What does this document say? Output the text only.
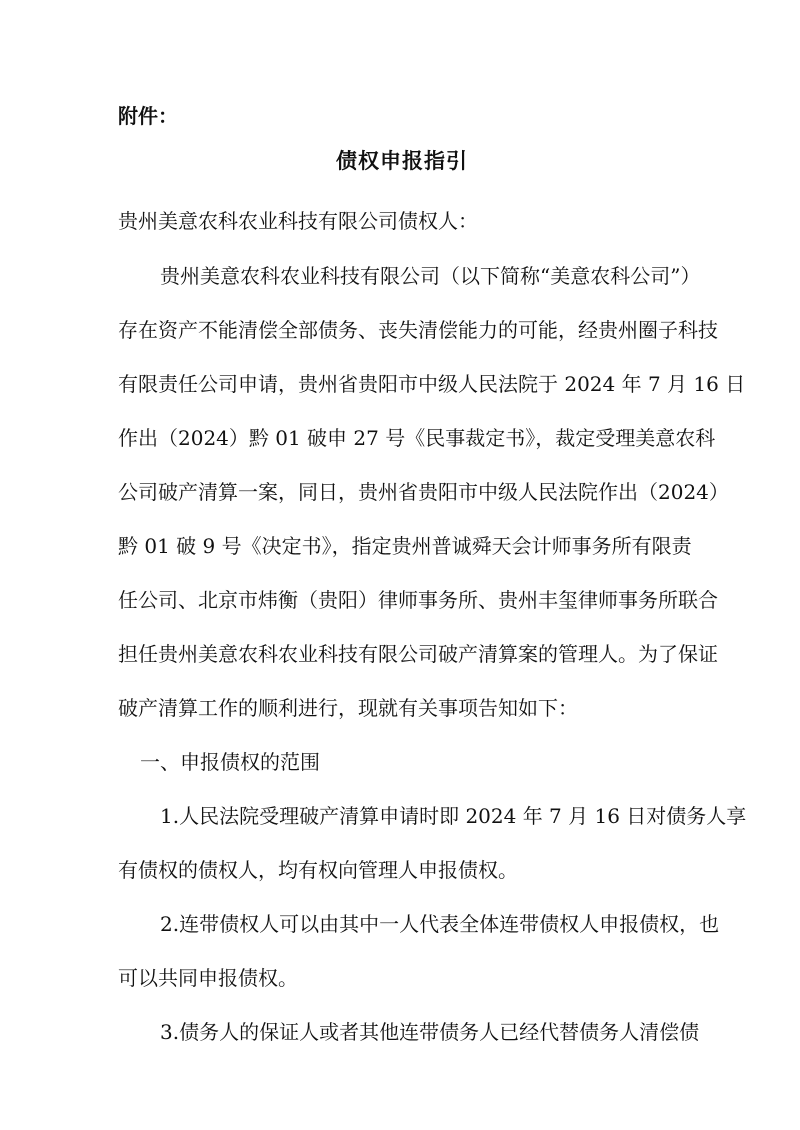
附件：
债权申报指引
贵州美意农科农业科技有限公司债权人：
贵州美意农科农业科技有限公司（以下简称“美意农科公司”）
存在资产不能清偿全部债务、丧失清偿能力的可能，经贵州圈子科技
有限责任公司申请，贵州省贵阳市中级人民法院于 2024 年 7 月 16 日
作出（2024）黔 01 破申 27 号《民事裁定书》，裁定受理美意农科
公司破产清算一案，同日，贵州省贵阳市中级人民法院作出（2024）
黔 01 破 9 号《决定书》，指定贵州普诚舜天会计师事务所有限责
任公司、北京市炜衡（贵阳）律师事务所、贵州丰玺律师事务所联合
担任贵州美意农科农业科技有限公司破产清算案的管理人。为了保证
破产清算工作的顺利进行，现就有关事项告知如下：
一、申报债权的范围
1.人民法院受理破产清算申请时即 2024 年 7 月 16 日对债务人享
有债权的债权人，均有权向管理人申报债权。
2.连带债权人可以由其中一人代表全体连带债权人申报债权，也
可以共同申报债权。
3.债务人的保证人或者其他连带债务人已经代替债务人清偿债
